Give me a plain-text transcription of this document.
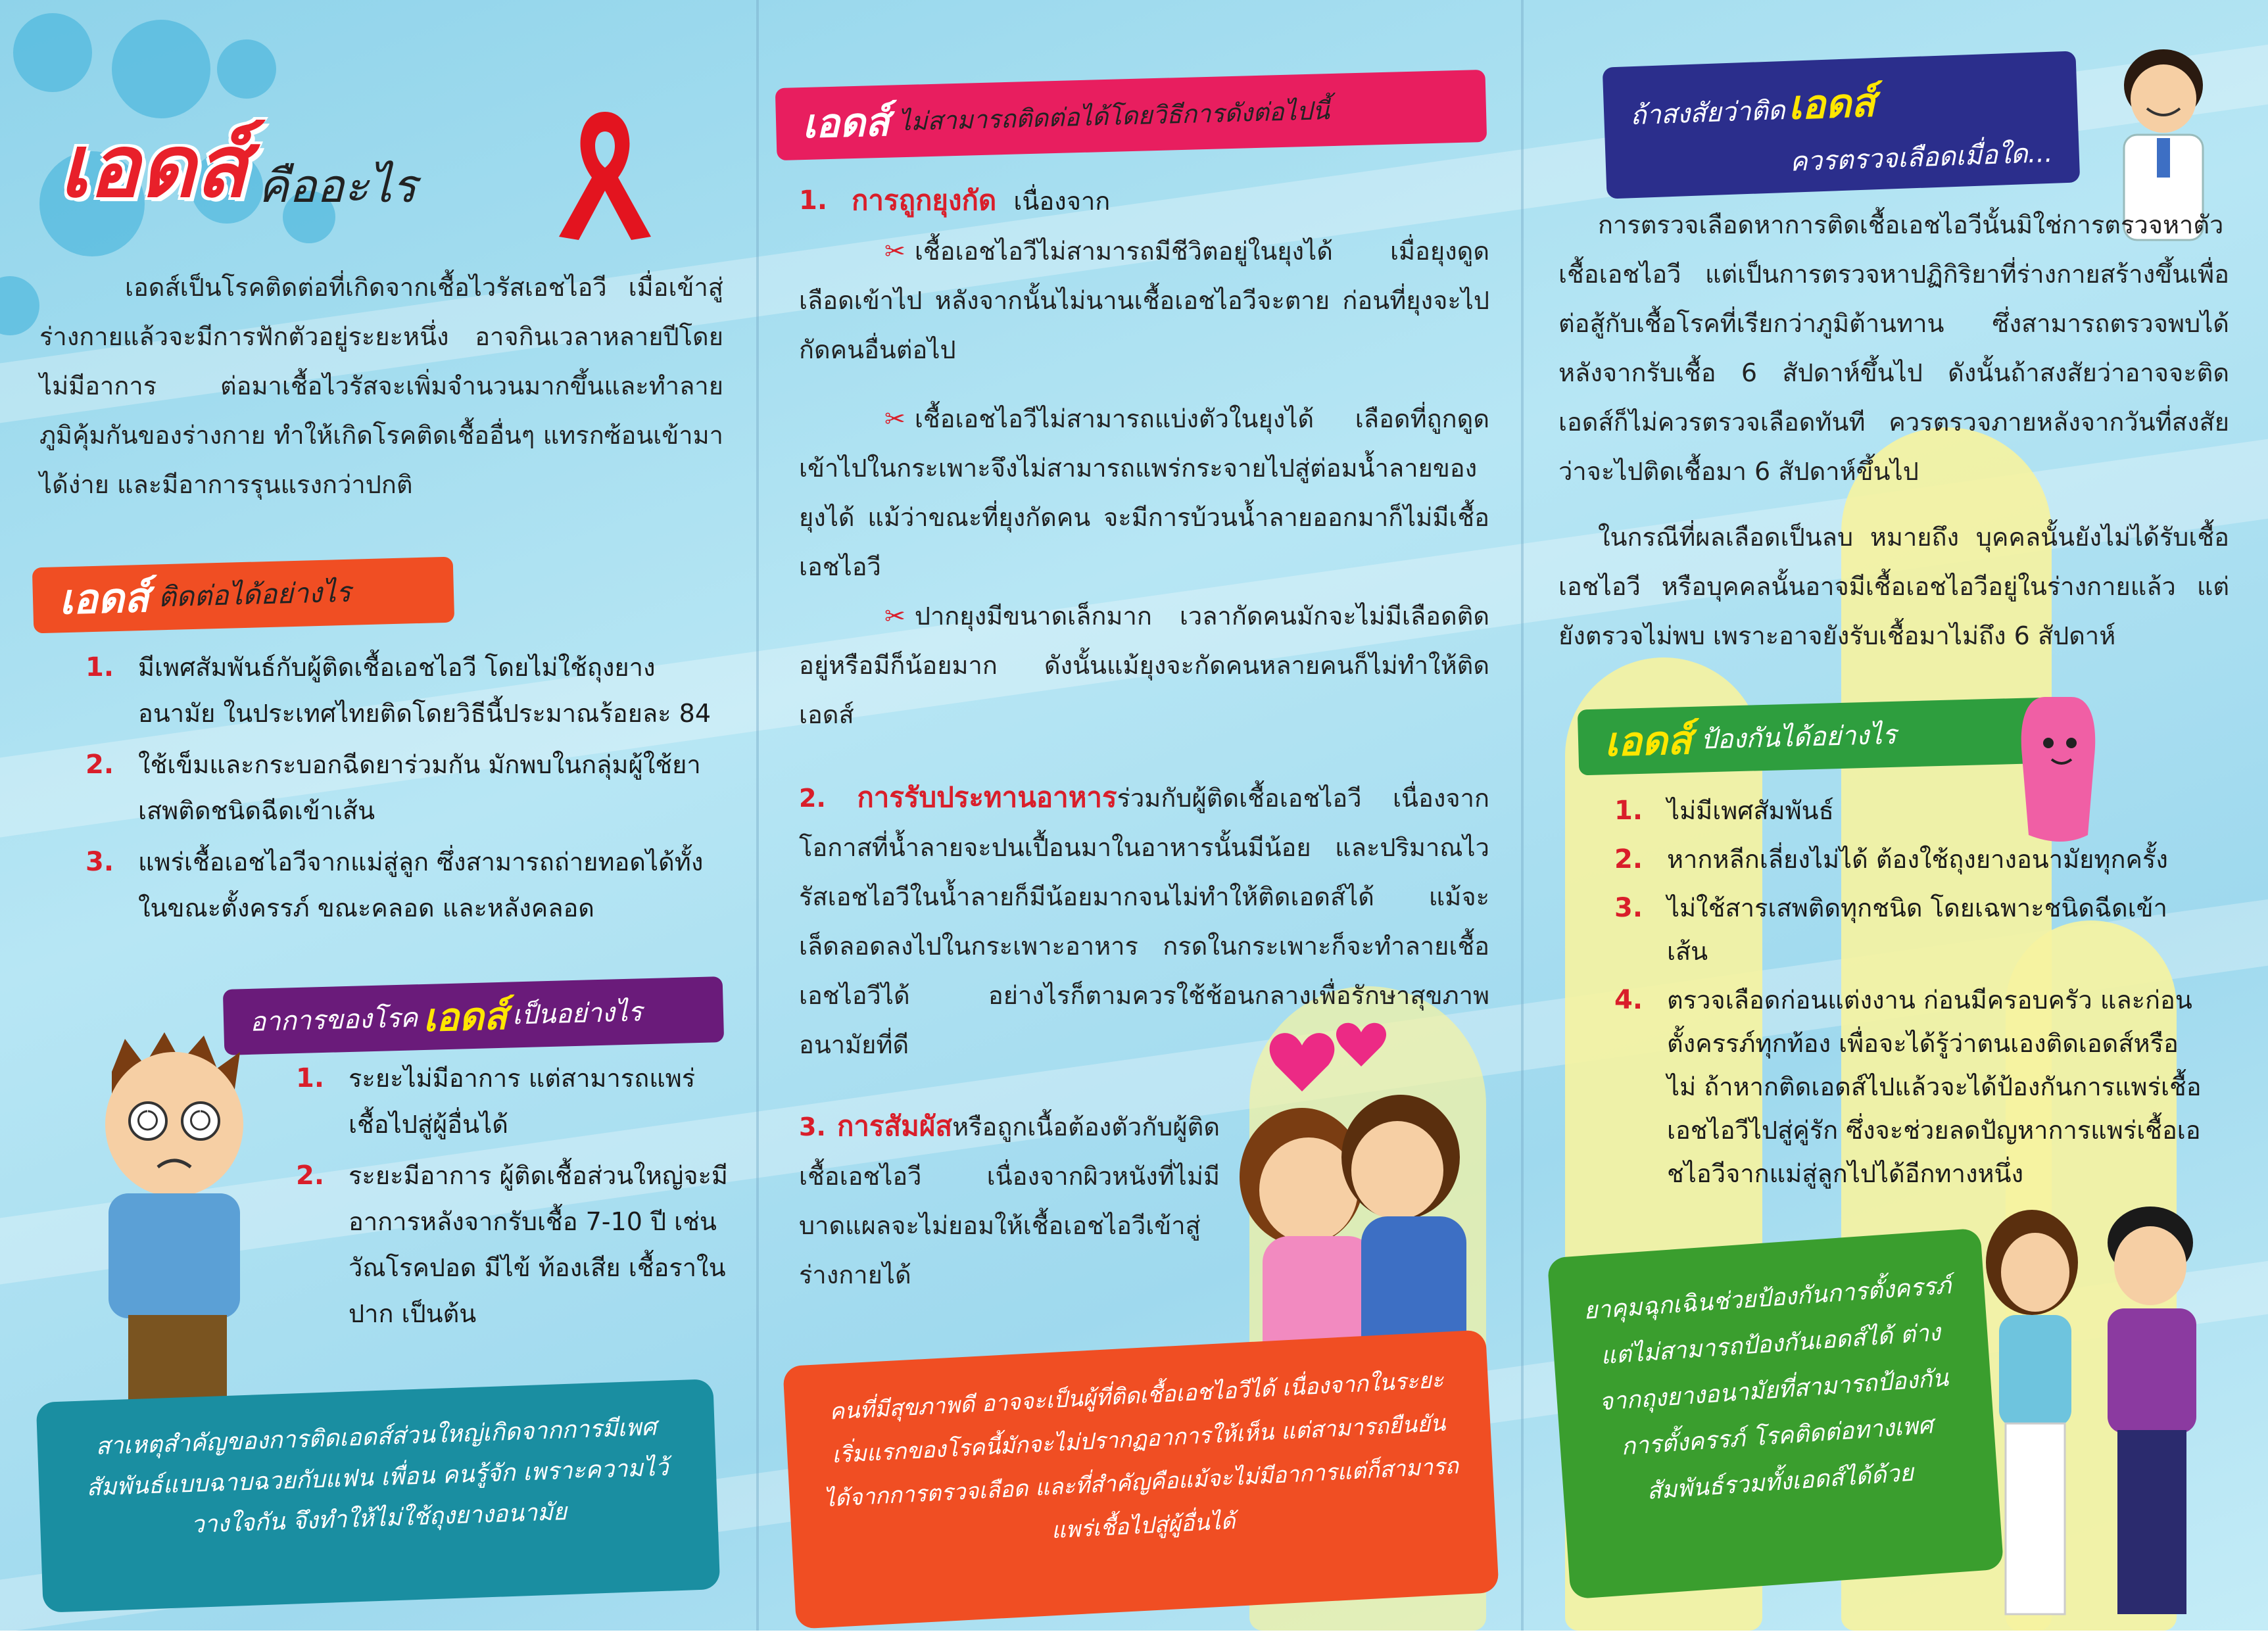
เอดส์ คืออะไร
เอดส์เป็นโรคติดต่อที่เกิดจากเชื้อไวรัสเอชไอวี เมื่อเข้าสู่ร่างกายแล้วจะมีการฟักตัวอยู่ระยะหนึ่ง อาจกินเวลาหลายปีโดยไม่มีอาการ ต่อมาเชื้อไวรัสจะเพิ่มจำนวนมากขึ้นและทำลายภูมิคุ้มกันของร่างกาย ทำให้เกิดโรคติดเชื้ออื่นๆ แทรกซ้อนเข้ามาได้ง่าย และมีอาการรุนแรงกว่าปกติ
เอดส์ ติดต่อได้อย่างไร
1. มีเพศสัมพันธ์กับผู้ติดเชื้อเอชไอวี โดยไม่ใช้ถุงยางอนามัย ในประเทศไทยติดโดยวิธีนี้ประมาณร้อยละ 84
2. ใช้เข็มและกระบอกฉีดยาร่วมกัน มักพบในกลุ่มผู้ใช้ยาเสพติดชนิดฉีดเข้าเส้น
3. แพร่เชื้อเอชไอวีจากแม่สู่ลูก ซึ่งสามารถถ่ายทอดได้ทั้งในขณะตั้งครรภ์ ขณะคลอด และหลังคลอด
อาการของโรค เอดส์ เป็นอย่างไร
1. ระยะไม่มีอาการ แต่สามารถแพร่เชื้อไปสู่ผู้อื่นได้
2. ระยะมีอาการ ผู้ติดเชื้อส่วนใหญ่จะมีอาการหลังจากรับเชื้อ 7-10 ปี เช่น วัณโรคปอด มีไข้ ท้องเสีย เชื้อราในปาก เป็นต้น
สาเหตุสำคัญของการติดเอดส์ส่วนใหญ่เกิดจากการมีเพศสัมพันธ์แบบฉาบฉวยกับแฟน เพื่อน คนรู้จัก เพราะความไว้วางใจกัน จึงทำให้ไม่ใช้ถุงยางอนามัย
เอดส์ ไม่สามารถติดต่อได้โดยวิธีการดังต่อไปนี้
1. การถูกยุงกัด เนื่องจาก
✂ เชื้อเอชไอวีไม่สามารถมีชีวิตอยู่ในยุงได้ เมื่อยุงดูดเลือดเข้าไป หลังจากนั้นไม่นานเชื้อเอชไอวีจะตาย ก่อนที่ยุงจะไปกัดคนอื่นต่อไป
✂ เชื้อเอชไอวีไม่สามารถแบ่งตัวในยุงได้ เลือดที่ถูกดูดเข้าไปในกระเพาะจึงไม่สามารถแพร่กระจายไปสู่ต่อมน้ำลายของยุงได้ แม้ว่าขณะที่ยุงกัดคน จะมีการบ้วนน้ำลายออกมาก็ไม่มีเชื้อเอชไอวี
✂ ปากยุงมีขนาดเล็กมาก เวลากัดคนมักจะไม่มีเลือดติดอยู่หรือมีก็น้อยมาก ดังนั้นแม้ยุงจะกัดคนหลายคนก็ไม่ทำให้ติดเอดส์
2. การรับประทานอาหารร่วมกับผู้ติดเชื้อเอชไอวี เนื่องจากโอกาสที่น้ำลายจะปนเปื้อนมาในอาหารนั้นมีน้อย และปริมาณไวรัสเอชไอวีในน้ำลายก็มีน้อยมากจนไม่ทำให้ติดเอดส์ได้ แม้จะเล็ดลอดลงไปในกระเพาะอาหาร กรดในกระเพาะก็จะทำลายเชื้อเอชไอวีได้ อย่างไรก็ตามควรใช้ช้อนกลางเพื่อรักษาสุขภาพอนามัยที่ดี
3. การสัมผัสหรือถูกเนื้อต้องตัวกับผู้ติดเชื้อเอชไอวี เนื่องจากผิวหนังที่ไม่มีบาดแผลจะไม่ยอมให้เชื้อเอชไอวีเข้าสู่ร่างกายได้
คนที่มีสุขภาพดี อาจจะเป็นผู้ที่ติดเชื้อเอชไอวีได้ เนื่องจากในระยะเริ่มแรกของโรคนี้มักจะไม่ปรากฏอาการให้เห็น แต่สามารถยืนยันได้จากการตรวจเลือด และที่สำคัญคือแม้จะไม่มีอาการแต่ก็สามารถแพร่เชื้อไปสู่ผู้อื่นได้
ถ้าสงสัยว่าติด เอดส์
ควรตรวจเลือดเมื่อใด...
การตรวจเลือดหาการติดเชื้อเอชไอวีนั้นมิใช่การตรวจหาตัวเชื้อเอชไอวี แต่เป็นการตรวจหาปฏิกิริยาที่ร่างกายสร้างขึ้นเพื่อต่อสู้กับเชื้อโรคที่เรียกว่าภูมิต้านทาน ซึ่งสามารถตรวจพบได้หลังจากรับเชื้อ 6 สัปดาห์ขึ้นไป ดังนั้นถ้าสงสัยว่าอาจจะติดเอดส์ก็ไม่ควรตรวจเลือดทันที ควรตรวจภายหลังจากวันที่สงสัยว่าจะไปติดเชื้อมา 6 สัปดาห์ขึ้นไป
ในกรณีที่ผลเลือดเป็นลบ หมายถึง บุคคลนั้นยังไม่ได้รับเชื้อเอชไอวี หรือบุคคลนั้นอาจมีเชื้อเอชไอวีอยู่ในร่างกายแล้ว แต่ยังตรวจไม่พบ เพราะอาจยังรับเชื้อมาไม่ถึง 6 สัปดาห์
เอดส์ ป้องกันได้อย่างไร
1. ไม่มีเพศสัมพันธ์
2. หากหลีกเลี่ยงไม่ได้ ต้องใช้ถุงยางอนามัยทุกครั้ง
3. ไม่ใช้สารเสพติดทุกชนิด โดยเฉพาะชนิดฉีดเข้าเส้น
4. ตรวจเลือดก่อนแต่งงาน ก่อนมีครอบครัว และก่อนตั้งครรภ์ทุกท้อง เพื่อจะได้รู้ว่าตนเองติดเอดส์หรือไม่ ถ้าหากติดเอดส์ไปแล้วจะได้ป้องกันการแพร่เชื้อเอชไอวีไปสู่คู่รัก ซึ่งจะช่วยลดปัญหาการแพร่เชื้อเอชไอวีจากแม่สู่ลูกไปได้อีกทางหนึ่ง
ยาคุมฉุกเฉินช่วยป้องกันการตั้งครรภ์ แต่ไม่สามารถป้องกันเอดส์ได้ ต่างจากถุงยางอนามัยที่สามารถป้องกันการตั้งครรภ์ โรคติดต่อทางเพศสัมพันธ์รวมทั้งเอดส์ได้ด้วย
